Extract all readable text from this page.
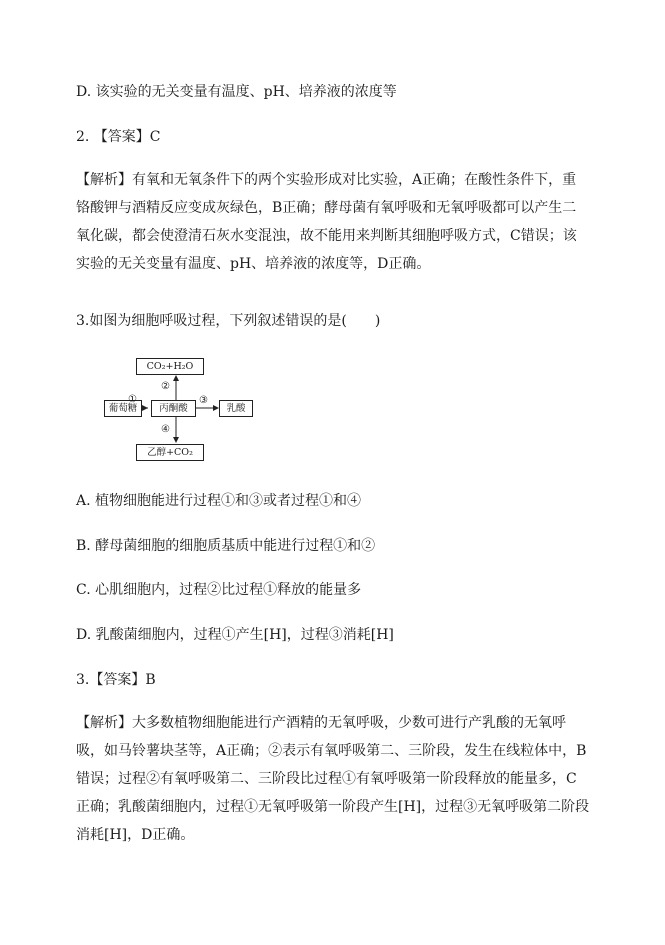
D. 该实验的无关变量有温度、pH、培养液的浓度等
2. 【答案】C
【解析】有氧和无氧条件下的两个实验形成对比实验，A正确；在酸性条件下，重
铬酸钾与酒精反应变成灰绿色，B正确；酵母菌有氧呼吸和无氧呼吸都可以产生二
氧化碳，都会使澄清石灰水变混浊，故不能用来判断其细胞呼吸方式，C错误；该
实验的无关变量有温度、pH、培养液的浓度等，D正确。
3.如图为细胞呼吸过程，下列叙述错误的是(　　)
CO₂+H₂O
葡萄糖	丙酮酸	乳酸
乙醇+CO₂
①
②
③
④
A. 植物细胞能进行过程①和③或者过程①和④
B. 酵母菌细胞的细胞质基质中能进行过程①和②
C. 心肌细胞内，过程②比过程①释放的能量多
D. 乳酸菌细胞内，过程①产生[H]，过程③消耗[H]
3.【答案】B
【解析】大多数植物细胞能进行产酒精的无氧呼吸，少数可进行产乳酸的无氧呼
吸，如马铃薯块茎等，A正确；②表示有氧呼吸第二、三阶段，发生在线粒体中，B
错误；过程②有氧呼吸第二、三阶段比过程①有氧呼吸第一阶段释放的能量多，C
正确；乳酸菌细胞内，过程①无氧呼吸第一阶段产生[H]，过程③无氧呼吸第二阶段
消耗[H]，D正确。
